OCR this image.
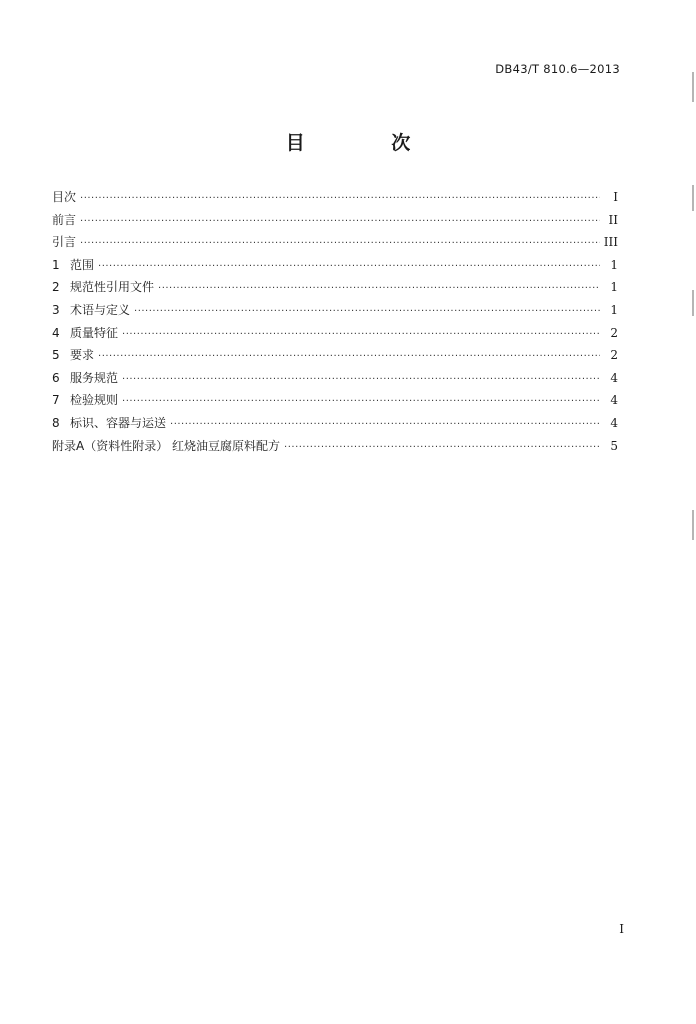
DB43/T 810.6—2013
目 次
目次 ·····	I
前言 ·····	II
引言 ·····	III
1 范围 ·····	1
2 规范性引用文件 ·····	1
3 术语与定义 ·····	1
4 质量特征 ·····	2
5 要求 ·····	2
6 服务规范 ·····	4
7 检验规则 ·····	4
8 标识、容器与运送 ·····	4
附录A（资料性附录） 红烧油豆腐原料配方 ·····	5
I
